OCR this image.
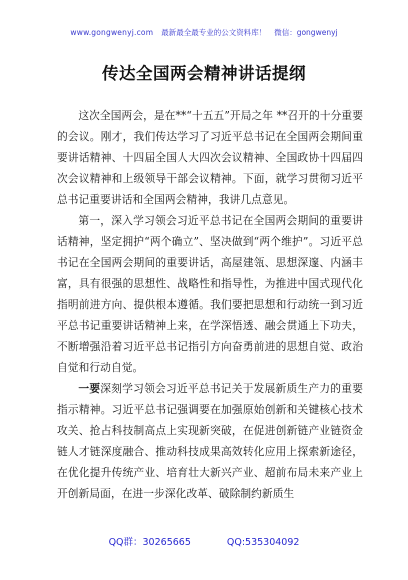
www.gongwenyj.com 最新最全最专业的公文资料库！ 微信：gongwenyj
传达全国两会精神讲话提纲

这次全国两会，是在**“十五五”开局之年 **召开的十分重要的会议。刚才，我们传达学习了习近平总书记在全国两会期间重要讲话精神、十四届全国人大四次会议精神、全国政协十四届四次会议精神和上级领导干部会议精神。下面，就学习贯彻习近平总书记重要讲话和全国两会精神，我讲几点意见。

第一，深入学习领会习近平总书记在全国两会期间的重要讲话精神，坚定拥护“两个确立”、坚决做到“两个维护”。习近平总书记在全国两会期间的重要讲话，高屋建瓴、思想深邃、内涵丰富，具有很强的思想性、战略性和指导性，为推进中国式现代化指明前进方向、提供根本遵循。我们要把思想和行动统一到习近平总书记重要讲话精神上来，在学深悟透、融会贯通上下功夫，不断增强沿着习近平总书记指引方向奋勇前进的思想自觉、政治自觉和行动自觉。

一要深刻学习领会习近平总书记关于发展新质生产力的重要指示精神。习近平总书记强调要在加强原始创新和关键核心技术攻关、抢占科技制高点上实现新突破，在促进创新链产业链资金链人才链深度融合、推动科技成果高效转化应用上探索新途径，在优化提升传统产业、培育壮大新兴产业、超前布局未来产业上开创新局面，在进一步深化改革、破除制约新质生

QQ群：30265665	QQ:535304092
